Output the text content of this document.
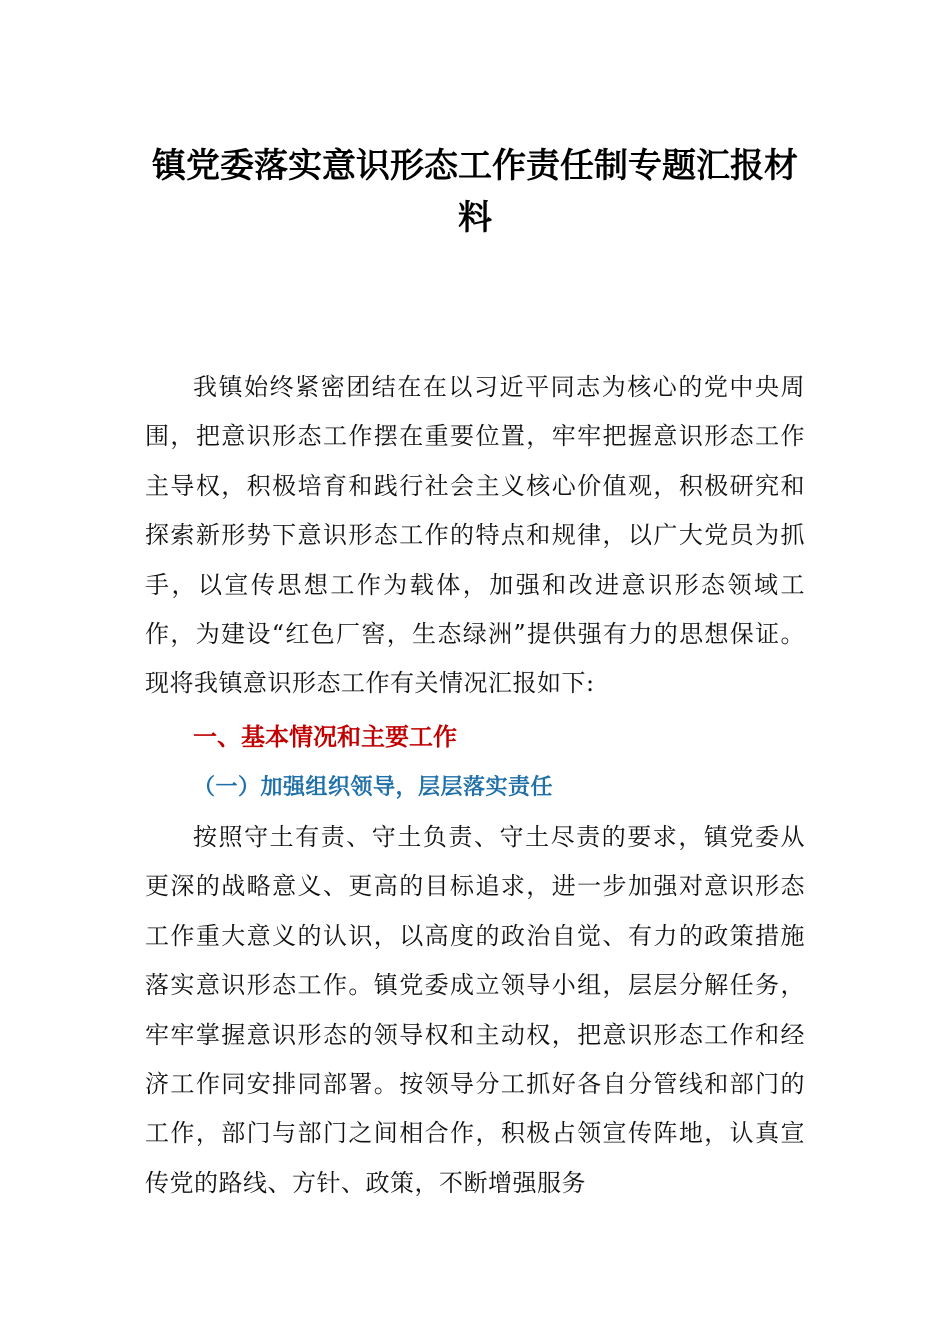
镇党委落实意识形态工作责任制专题汇报材料

我镇始终紧密团结在在以习近平同志为核心的党中央周围，把意识形态工作摆在重要位置，牢牢把握意识形态工作主导权，积极培育和践行社会主义核心价值观，积极研究和探索新形势下意识形态工作的特点和规律，以广大党员为抓手，以宣传思想工作为载体，加强和改进意识形态领域工作，为建设“红色厂窖，生态绿洲”提供强有力的思想保证。现将我镇意识形态工作有关情况汇报如下:

一、基本情况和主要工作
（一）加强组织领导，层层落实责任

按照守土有责、守土负责、守土尽责的要求，镇党委从更深的战略意义、更高的目标追求，进一步加强对意识形态工作重大意义的认识，以高度的政治自觉、有力的政策措施落实意识形态工作。镇党委成立领导小组，层层分解任务，牢牢掌握意识形态的领导权和主动权，把意识形态工作和经济工作同安排同部署。按领导分工抓好各自分管线和部门的工作，部门与部门之间相合作，积极占领宣传阵地，认真宣传党的路线、方针、政策，不断增强服务
